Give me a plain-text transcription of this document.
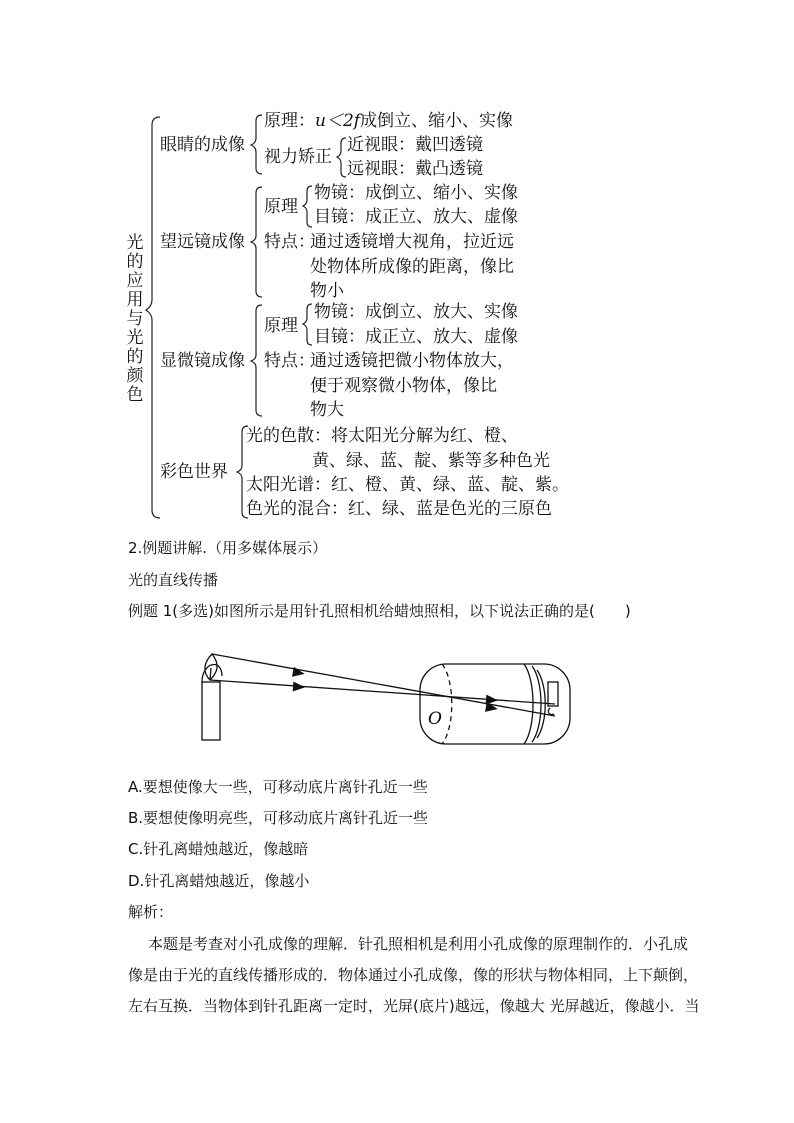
光的应用与光的颜色
眼睛的成像
原理：u＜2f成倒立、缩小、实像
视力矫正
近视眼：戴凹透镜
远视眼：戴凸透镜
望远镜成像
原理
物镜：成倒立、缩小、实像
目镜：成正立、放大、虚像
特点：
通过透镜增大视角，拉近远
处物体所成像的距离，像比
物小
显微镜成像
原理
物镜：成倒立、放大、实像
目镜：成正立、放大、虚像
特点：
通过透镜把微小物体放大，
便于观察微小物体，像比
物大
彩色世界
光的色散：将太阳光分解为红、橙、
黄、绿、蓝、靛、紫等多种色光
太阳光谱：红、橙、黄、绿、蓝、靛、紫。
色光的混合：红、绿、蓝是色光的三原色
2.例题讲解.（用多媒体展示）
光的直线传播
例题 1(多选)如图所示是用针孔照相机给蜡烛照相，以下说法正确的是(　　)
O
A.要想使像大一些，可移动底片离针孔近一些
B.要想使像明亮些，可移动底片离针孔近一些
C.针孔离蜡烛越近，像越暗
D.针孔离蜡烛越近，像越小
解析：
本题是考查对小孔成像的理解．针孔照相机是利用小孔成像的原理制作的．小孔成
像是由于光的直线传播形成的．物体通过小孔成像，像的形状与物体相同，上下颠倒，
左右互换．当物体到针孔距离一定时，光屏(底片)越远，像越大 光屏越近，像越小．当
